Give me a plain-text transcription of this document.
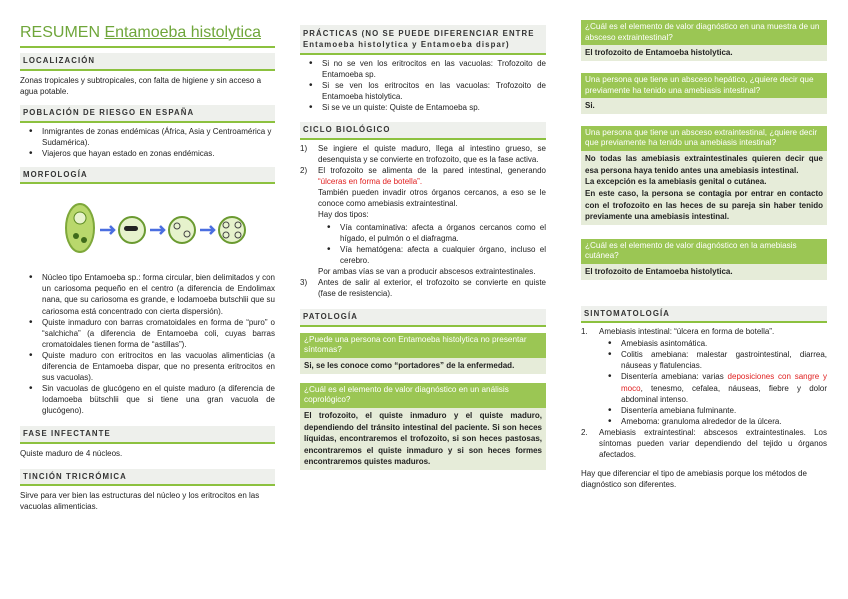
RESUMEN Entamoeba histolytica
LOCALIZACIÓN
Zonas tropicales y subtropicales, con falta de higiene y sin acceso a agua potable.
POBLACIÓN DE RIESGO EN ESPAÑA
• Inmigrantes de zonas endémicas (África, Asia y Centroamérica y Sudamérica).
• Viajeros que hayan estado en zonas endémicas.
MORFOLOGÍA
• Núcleo tipo Entamoeba sp.: forma circular, bien delimitados y con un cariosoma pequeño en el centro (a diferencia de Endolimax nana, que su cariosoma es grande, e Iodamoeba butschlii que su cariosoma está concentrado con cierta dispersión).
• Quiste inmaduro con barras cromatoidales en forma de “puro” o “salchicha” (a diferencia de Entamoeba coli, cuyas barras cromatoidales tienen forma de “astillas”).
• Quiste maduro con eritrocitos en las vacuolas alimenticias (a diferencia de Entamoeba dispar, que no presenta eritrocitos en sus vacuolas).
• Sin vacuolas de glucógeno en el quiste maduro (a diferencia de Iodamoeba bütschlii que si tiene una gran vacuola de glucógeno).
FASE INFECTANTE
Quiste maduro de 4 núcleos.
TINCIÓN TRICRÓMICA
Sirve para ver bien las estructuras del núcleo y los eritrocitos en las vacuolas alimenticias.
PRÁCTICAS (NO SE PUEDE DIFERENCIAR ENTRE Entamoeba histolytica y Entamoeba dispar)
• Si no se ven los eritrocitos en las vacuolas: Trofozoito de Entamoeba sp.
• Si se ven los eritrocitos en las vacuolas: Trofozoito de Entamoeba histolytica.
• Si se ve un quiste: Quiste de Entamoeba sp.
CICLO BIOLÓGICO
1) Se ingiere el quiste maduro, llega al intestino grueso, se desenquista y se convierte en trofozoito, que es la fase activa.
2) El trofozoito se alimenta de la pared intestinal, generando “úlceras en forma de botella”.
También pueden invadir otros órganos cercanos, a eso se le conoce como amebiasis extraintestinal.
Hay dos tipos:
• Vía contaminativa: afecta a órganos cercanos como el hígado, el pulmón o el diafragma.
• Vía hematógena: afecta a cualquier órgano, incluso el cerebro.
Por ambas vías se van a producir abscesos extraintestinales.
3) Antes de salir al exterior, el trofozoito se convierte en quiste (fase de resistencia).
PATOLOGÍA
¿Puede una persona con Entamoeba histolytica no presentar síntomas?
Si, se les conoce como “portadores” de la enfermedad.
¿Cuál es el elemento de valor diagnóstico en un análisis coprológico?
El trofozoito, el quiste inmaduro y el quiste maduro, dependiendo del tránsito intestinal del paciente. Si son heces líquidas, encontraremos el trofozoito, si son heces pastosas, encontraremos el quiste inmaduro y si son heces formes encontraremos quistes maduros.
¿Cuál es el elemento de valor diagnóstico en una muestra de un absceso extraintestinal?
El trofozoito de Entamoeba histolytica.
Una persona que tiene un absceso hepático, ¿quiere decir que previamente ha tenido una amebiasis intestinal?
Si.
Una persona que tiene un absceso extraintestinal, ¿quiere decir que previamente ha tenido una amebiasis intestinal?
No todas las amebiasis extraintestinales quieren decir que esa persona haya tenido antes una amebiasis intestinal.
La excepción es la amebiasis genital o cutánea.
En este caso, la persona se contagia por entrar en contacto con el trofozoito en las heces de su pareja sin haber tenido previamente una amebiasis intestinal.
¿Cuál es el elemento de valor diagnóstico en la amebiasis cutánea?
El trofozoito de Entamoeba histolytica.
SINTOMATOLOGÍA
1. Amebiasis intestinal: “úlcera en forma de botella”.
• Amebiasis asintomática.
• Colitis amebiana: malestar gastrointestinal, diarrea, náuseas y flatulencias.
• Disentería amebiana: varias deposiciones con sangre y moco, tenesmo, cefalea, náuseas, fiebre y dolor abdominal intenso.
• Disentería amebiana fulminante.
• Ameboma: granuloma alrededor de la úlcera.
2. Amebiasis extraintestinal: abscesos extraintestinales. Los síntomas pueden variar dependiendo del tejido u órganos afectados.
Hay que diferenciar el tipo de amebiasis porque los métodos de diagnóstico son diferentes.
